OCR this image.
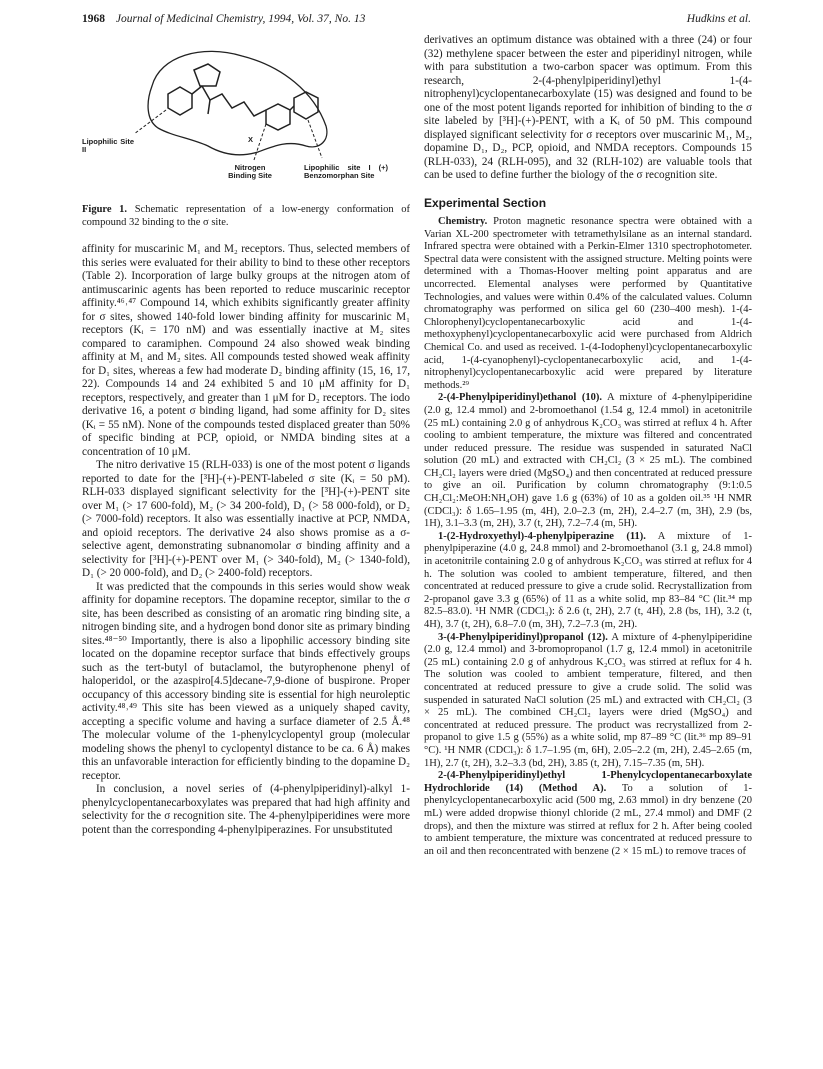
1968 Journal of Medicinal Chemistry, 1994, Vol. 37, No. 13	Hudkins et al.
Lipophilic Site II
X
Nitrogen Binding Site
Lipophilic site I (+) Benzomorphan Site

Figure 1. Schematic representation of a low-energy conformation of compound 32 binding to the σ site.

affinity for muscarinic M₁ and M₂ receptors. Thus, selected members of this series were evaluated for their ability to bind to these other receptors (Table 2). Incorporation of large bulky groups at the nitrogen atom of antimuscarinic agents has been reported to reduce muscarinic receptor affinity.⁴⁶˒⁴⁷ Compound 14, which exhibits significantly greater affinity for σ sites, showed 140-fold lower binding affinity for muscarinic M₁ receptors (Kᵢ = 170 nM) and was essentially inactive at M₂ sites compared to caramiphen. Compound 24 also showed weak binding affinity at M₁ and M₂ sites. All compounds tested showed weak affinity for D₁ sites, whereas a few had moderate D₂ binding affinity (15, 16, 17, 22). Compounds 14 and 24 exhibited 5 and 10 μM affinity for D₁ receptors, respectively, and greater than 1 μM for D₂ receptors. The iodo derivative 16, a potent σ binding ligand, had some affinity for D₂ sites (Kᵢ = 55 nM). None of the compounds tested displaced greater than 50% of specific binding at PCP, opioid, or NMDA binding sites at a concentration of 10 μM.

The nitro derivative 15 (RLH-033) is one of the most potent σ ligands reported to date for the [³H]-(+)-PENT-labeled σ site (Kᵢ = 50 pM). RLH-033 displayed significant selectivity for the [³H]-(+)-PENT site over M₁ (> 17 600-fold), M₂ (> 34 200-fold), D₁ (> 58 000-fold), or D₂ (> 7000-fold) receptors. It also was essentially inactive at PCP, NMDA, and opioid receptors. The derivative 24 also shows promise as a σ-selective agent, demonstrating subnanomolar σ binding affinity and a selectivity for [³H]-(+)-PENT over M₁ (> 340-fold), M₂ (> 1340-fold), D₁ (> 20 000-fold), and D₂ (> 2400-fold) receptors.

It was predicted that the compounds in this series would show weak affinity for dopamine receptors. The dopamine receptor, similar to the σ site, has been described as consisting of an aromatic ring binding site, a nitrogen binding site, and a hydrogen bond donor site as primary binding sites.⁴⁸⁻⁵⁰ Importantly, there is also a lipophilic accessory binding site located on the dopamine receptor surface that binds effectively groups such as the tert-butyl of butaclamol, the butyrophenone phenyl of haloperidol, or the azaspiro[4.5]decane-7,9-dione of buspirone. Proper occupancy of this accessory binding site is essential for high neuroleptic activity.⁴⁸˒⁴⁹ This site has been viewed as a uniquely shaped cavity, accepting a specific volume and having a surface diameter of 2.5 Å.⁴⁸ The molecular volume of the 1-phenylcyclopentyl group (molecular modeling shows the phenyl to cyclopentyl distance to be ca. 6 Å) makes this an unfavorable interaction for efficiently binding to the dopamine D₂ receptor.

In conclusion, a novel series of (4-phenylpiperidinyl)-alkyl 1-phenylcyclopentanecarboxylates was prepared that had high affinity and selectivity for the σ recognition site. The 4-phenylpiperidines were more potent than the corresponding 4-phenylpiperazines. For unsubstituted

derivatives an optimum distance was obtained with a three (24) or four (32) methylene spacer between the ester and piperidinyl nitrogen, while with para substitution a two-carbon spacer was optimum. From this research, 2-(4-phenylpiperidinyl)ethyl 1-(4-nitrophenyl)cyclopentanecarboxylate (15) was designed and found to be one of the most potent ligands reported for inhibition of binding to the σ site labeled by [³H]-(+)-PENT, with a Kᵢ of 50 pM. This compound displayed significant selectivity for σ receptors over muscarinic M₁, M₂, dopamine D₁, D₂, PCP, opioid, and NMDA receptors. Compounds 15 (RLH-033), 24 (RLH-095), and 32 (RLH-102) are valuable tools that can be used to define further the biology of the σ recognition site.

Experimental Section

Chemistry. Proton magnetic resonance spectra were obtained with a Varian XL-200 spectrometer with tetramethylsilane as an internal standard. Infrared spectra were obtained with a Perkin-Elmer 1310 spectrophotometer. Spectral data were consistent with the assigned structure. Melting points were determined with a Thomas-Hoover melting point apparatus and are uncorrected. Elemental analyses were performed by Quantitative Technologies, and values were within 0.4% of the calculated values. Column chromatography was performed on silica gel 60 (230–400 mesh). 1-(4-Chlorophenyl)cyclopentanecarboxylic acid and 1-(4-methoxyphenyl)cyclopentanecarboxylic acid were purchased from Aldrich Chemical Co. and used as received. 1-(4-Iodophenyl)cyclopentanecarboxylic acid, 1-(4-cyanophenyl)-cyclopentanecarboxylic acid, and 1-(4-nitrophenyl)cyclopentanecarboxylic acid were prepared by literature methods.²⁹

2-(4-Phenylpiperidinyl)ethanol (10). A mixture of 4-phenylpiperidine (2.0 g, 12.4 mmol) and 2-bromoethanol (1.54 g, 12.4 mmol) in acetonitrile (25 mL) containing 2.0 g of anhydrous K₂CO₃ was stirred at reflux 4 h. After cooling to ambient temperature, the mixture was filtered and concentrated under reduced pressure. The residue was suspended in saturated NaCl solution (20 mL) and extracted with CH₂Cl₂ (3 × 25 mL). The combined CH₂Cl₂ layers were dried (MgSO₄) and then concentrated at reduced pressure to give an oil. Purification by column chromatography (9:1:0.5 CH₂Cl₂:MeOH:NH₄OH) gave 1.6 g (63%) of 10 as a golden oil.³⁵ ¹H NMR (CDCl₃): δ 1.65–1.95 (m, 4H), 2.0–2.3 (m, 2H), 2.4–2.7 (m, 3H), 2.9 (bs, 1H), 3.1–3.3 (m, 2H), 3.7 (t, 2H), 7.2–7.4 (m, 5H).

1-(2-Hydroxyethyl)-4-phenylpiperazine (11). A mixture of 1-phenylpiperazine (4.0 g, 24.8 mmol) and 2-bromoethanol (3.1 g, 24.8 mmol) in acetonitrile containing 2.0 g of anhydrous K₂CO₃ was stirred at reflux for 4 h. The solution was cooled to ambient temperature, filtered, and then concentrated at reduced pressure to give a crude solid. Recrystallization from 2-propanol gave 3.3 g (65%) of 11 as a white solid, mp 83–84 °C (lit.³⁴ mp 82.5–83.0). ¹H NMR (CDCl₃): δ 2.6 (t, 2H), 2.7 (t, 4H), 2.8 (bs, 1H), 3.2 (t, 4H), 3.7 (t, 2H), 6.8–7.0 (m, 3H), 7.2–7.3 (m, 2H).

3-(4-Phenylpiperidinyl)propanol (12). A mixture of 4-phenylpiperidine (2.0 g, 12.4 mmol) and 3-bromopropanol (1.7 g, 12.4 mmol) in acetonitrile (25 mL) containing 2.0 g of anhydrous K₂CO₃ was stirred at reflux for 4 h. The solution was cooled to ambient temperature, filtered, and then concentrated at reduced pressure to give a crude solid. The solid was suspended in saturated NaCl solution (25 mL) and extracted with CH₂Cl₂ (3 × 25 mL). The combined CH₂Cl₂ layers were dried (MgSO₄) and concentrated at reduced pressure. The product was recrystallized from 2-propanol to give 1.5 g (55%) as a white solid, mp 87–89 °C (lit.³⁶ mp 89–91 °C). ¹H NMR (CDCl₃): δ 1.7–1.95 (m, 6H), 2.05–2.2 (m, 2H), 2.45–2.65 (m, 1H), 2.7 (t, 2H), 3.2–3.3 (bd, 2H), 3.85 (t, 2H), 7.15–7.35 (m, 5H).

2-(4-Phenylpiperidinyl)ethyl 1-Phenylcyclopentanecarboxylate Hydrochloride (14) (Method A). To a solution of 1-phenylcyclopentanecarboxylic acid (500 mg, 2.63 mmol) in dry benzene (20 mL) were added dropwise thionyl chloride (2 mL, 27.4 mmol) and DMF (2 drops), and then the mixture was stirred at reflux for 2 h. After being cooled to ambient temperature, the mixture was concentrated at reduced pressure to an oil and then reconcentrated with benzene (2 × 15 mL) to remove traces of
